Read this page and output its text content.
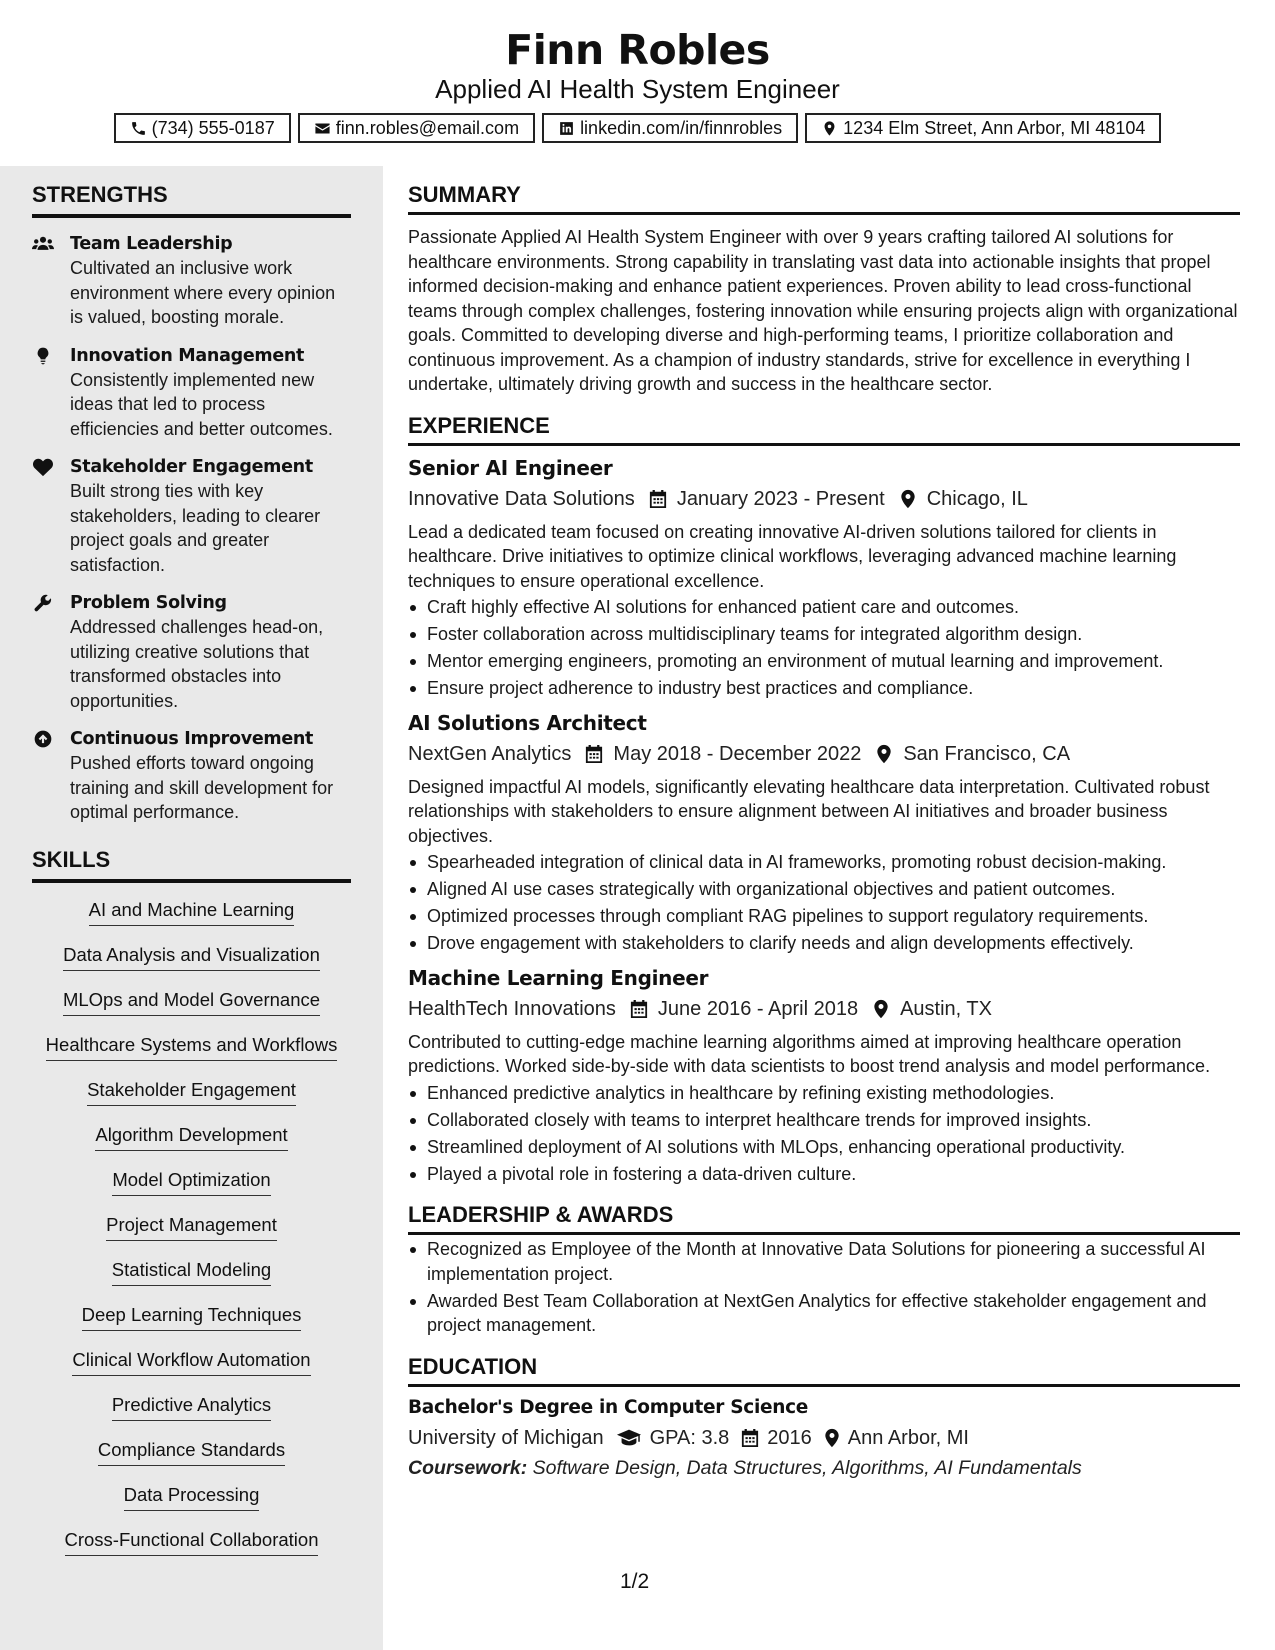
Finn Robles
Applied AI Health System Engineer
(734) 555-0187	finn.robles@email.com	linkedin.com/in/finnrobles	1234 Elm Street, Ann Arbor, MI 48104
STRENGTHS
Team Leadership
Cultivated an inclusive work environment where every opinion is valued, boosting morale.
Innovation Management
Consistently implemented new ideas that led to process efficiencies and better outcomes.
Stakeholder Engagement
Built strong ties with key stakeholders, leading to clearer project goals and greater satisfaction.
Problem Solving
Addressed challenges head-on, utilizing creative solutions that transformed obstacles into opportunities.
Continuous Improvement
Pushed efforts toward ongoing training and skill development for optimal performance.
SKILLS
AI and Machine Learning
Data Analysis and Visualization
MLOps and Model Governance
Healthcare Systems and Workflows
Stakeholder Engagement
Algorithm Development
Model Optimization
Project Management
Statistical Modeling
Deep Learning Techniques
Clinical Workflow Automation
Predictive Analytics
Compliance Standards
Data Processing
Cross-Functional Collaboration
SUMMARY
Passionate Applied AI Health System Engineer with over 9 years crafting tailored AI solutions for healthcare environments. Strong capability in translating vast data into actionable insights that propel informed decision-making and enhance patient experiences. Proven ability to lead cross-functional teams through complex challenges, fostering innovation while ensuring projects align with organizational goals. Committed to developing diverse and high-performing teams, I prioritize collaboration and continuous improvement. As a champion of industry standards, strive for excellence in everything I undertake, ultimately driving growth and success in the healthcare sector.
EXPERIENCE
Senior AI Engineer
Innovative Data Solutions January 2023 - Present Chicago, IL
Lead a dedicated team focused on creating innovative AI-driven solutions tailored for clients in healthcare. Drive initiatives to optimize clinical workflows, leveraging advanced machine learning techniques to ensure operational excellence.
Craft highly effective AI solutions for enhanced patient care and outcomes.
Foster collaboration across multidisciplinary teams for integrated algorithm design.
Mentor emerging engineers, promoting an environment of mutual learning and improvement.
Ensure project adherence to industry best practices and compliance.
AI Solutions Architect
NextGen Analytics May 2018 - December 2022 San Francisco, CA
Designed impactful AI models, significantly elevating healthcare data interpretation. Cultivated robust relationships with stakeholders to ensure alignment between AI initiatives and broader business objectives.
Spearheaded integration of clinical data in AI frameworks, promoting robust decision-making.
Aligned AI use cases strategically with organizational objectives and patient outcomes.
Optimized processes through compliant RAG pipelines to support regulatory requirements.
Drove engagement with stakeholders to clarify needs and align developments effectively.
Machine Learning Engineer
HealthTech Innovations June 2016 - April 2018 Austin, TX
Contributed to cutting-edge machine learning algorithms aimed at improving healthcare operation predictions. Worked side-by-side with data scientists to boost trend analysis and model performance.
Enhanced predictive analytics in healthcare by refining existing methodologies.
Collaborated closely with teams to interpret healthcare trends for improved insights.
Streamlined deployment of AI solutions with MLOps, enhancing operational productivity.
Played a pivotal role in fostering a data-driven culture.
LEADERSHIP & AWARDS
Recognized as Employee of the Month at Innovative Data Solutions for pioneering a successful AI implementation project.
Awarded Best Team Collaboration at NextGen Analytics for effective stakeholder engagement and project management.
EDUCATION
Bachelor's Degree in Computer Science
University of Michigan GPA: 3.8 2016 Ann Arbor, MI
Coursework: Software Design, Data Structures, Algorithms, AI Fundamentals
1/2
